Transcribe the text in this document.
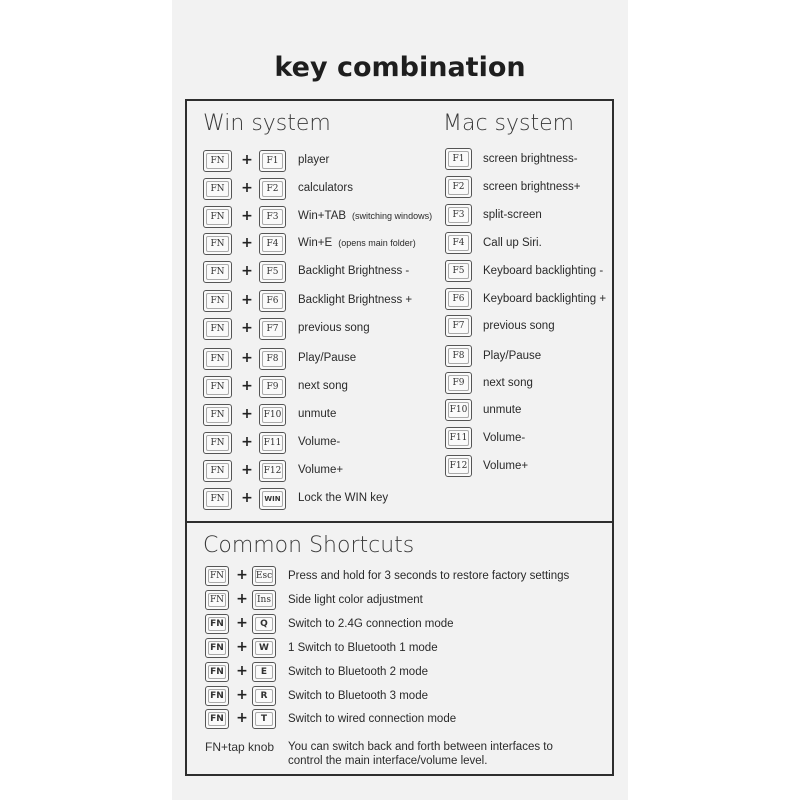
key combination
Win system	Mac system
Common Shortcuts
FN + F1 player
FN + F2 calculators
FN + F3 Win+TAB (switching windows)
FN + F4 Win+E (opens main folder)
FN + F5 Backlight Brightness -
FN + F6 Backlight Brightness +
FN + F7 previous song
FN + F8 Play/Pause
FN + F9 next song
FN + F10 unmute
FN + F11 Volume-
FN + F12 Volume+
FN + WIN Lock the WIN key
F1 screen brightness-
F2 screen brightness+
F3 split-screen
F4 Call up Siri.
F5 Keyboard backlighting -
F6 Keyboard backlighting +
F7 previous song
F8 Play/Pause
F9 next song
F10 unmute
F11 Volume-
F12 Volume+
FN + Esc Press and hold for 3 seconds to restore factory settings
FN + Ins Side light color adjustment
FN + Q Switch to 2.4G connection mode
FN + W 1 Switch to Bluetooth 1 mode
FN + E Switch to Bluetooth 2 mode
FN + R Switch to Bluetooth 3 mode
FN + T Switch to wired connection mode
FN+tap knob You can switch back and forth between interfaces to control the main interface/volume level.
